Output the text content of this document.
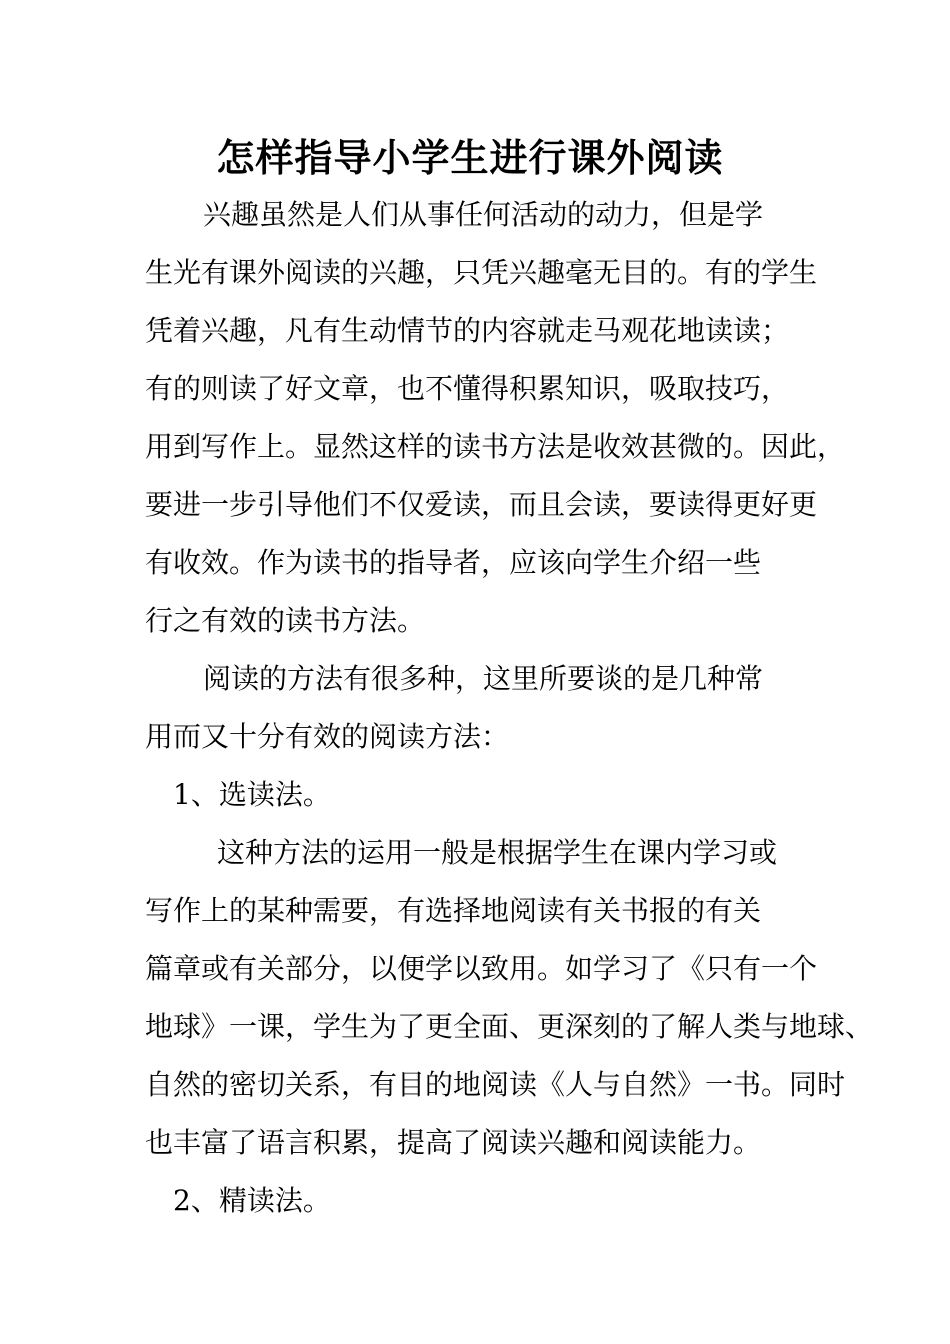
怎样指导小学生进行课外阅读
兴趣虽然是人们从事任何活动的动力，但是学
生光有课外阅读的兴趣，只凭兴趣毫无目的。有的学生
凭着兴趣，凡有生动情节的内容就走马观花地读读；
有的则读了好文章，也不懂得积累知识，吸取技巧，
用到写作上。显然这样的读书方法是收效甚微的。因此，
要进一步引导他们不仅爱读，而且会读，要读得更好更
有收效。作为读书的指导者，应该向学生介绍一些
行之有效的读书方法。
阅读的方法有很多种，这里所要谈的是几种常
用而又十分有效的阅读方法：
1、选读法。
这种方法的运用一般是根据学生在课内学习或
写作上的某种需要，有选择地阅读有关书报的有关
篇章或有关部分，以便学以致用。如学习了《只有一个
地球》一课，学生为了更全面、更深刻的了解人类与地球、
自然的密切关系，有目的地阅读《人与自然》一书。同时
也丰富了语言积累，提高了阅读兴趣和阅读能力。
2、精读法。
